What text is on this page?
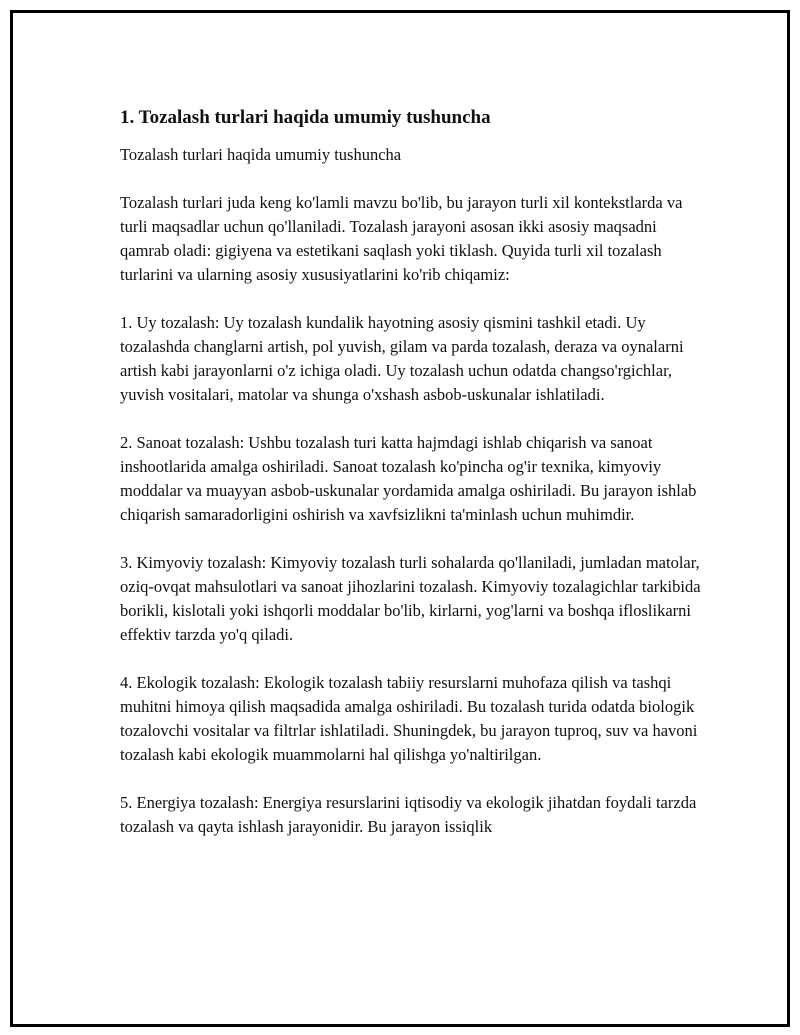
1. Tozalash turlari haqida umumiy tushuncha
Tozalash turlari haqida umumiy tushuncha

Tozalash turlari juda keng ko'lamli mavzu bo'lib, bu jarayon turli xil kontekstlarda va turli maqsadlar uchun qo'llaniladi. Tozalash jarayoni asosan ikki asosiy maqsadni qamrab oladi: gigiyena va estetikani saqlash yoki tiklash. Quyida turli xil tozalash turlarini va ularning asosiy xususiyatlarini ko'rib chiqamiz:

1. Uy tozalash: Uy tozalash kundalik hayotning asosiy qismini tashkil etadi. Uy tozalashda changlarni artish, pol yuvish, gilam va parda tozalash, deraza va oynalarni artish kabi jarayonlarni o'z ichiga oladi. Uy tozalash uchun odatda changso'rgichlar, yuvish vositalari, matolar va shunga o'xshash asbob-uskunalar ishlatiladi.

2. Sanoat tozalash: Ushbu tozalash turi katta hajmdagi ishlab chiqarish va sanoat inshootlarida amalga oshiriladi. Sanoat tozalash ko'pincha og'ir texnika, kimyoviy moddalar va muayyan asbob-uskunalar yordamida amalga oshiriladi. Bu jarayon ishlab chiqarish samaradorligini oshirish va xavfsizlikni ta'minlash uchun muhimdir.

3. Kimyoviy tozalash: Kimyoviy tozalash turli sohalarda qo'llaniladi, jumladan matolar, oziq-ovqat mahsulotlari va sanoat jihozlarini tozalash. Kimyoviy tozalagichlar tarkibida borikli, kislotali yoki ishqorli moddalar bo'lib, kirlarni, yog'larni va boshqa ifloslikarni effektiv tarzda yo'q qiladi.

4. Ekologik tozalash: Ekologik tozalash tabiiy resurslarni muhofaza qilish va tashqi muhitni himoya qilish maqsadida amalga oshiriladi. Bu tozalash turida odatda biologik tozalovchi vositalar va filtrlar ishlatiladi. Shuningdek, bu jarayon tuproq, suv va havoni tozalash kabi ekologik muammolarni hal qilishga yo'naltirilgan.

5. Energiya tozalash: Energiya resurslarini iqtisodiy va ekologik jihatdan foydali tarzda tozalash va qayta ishlash jarayonidir. Bu jarayon issiqlik
